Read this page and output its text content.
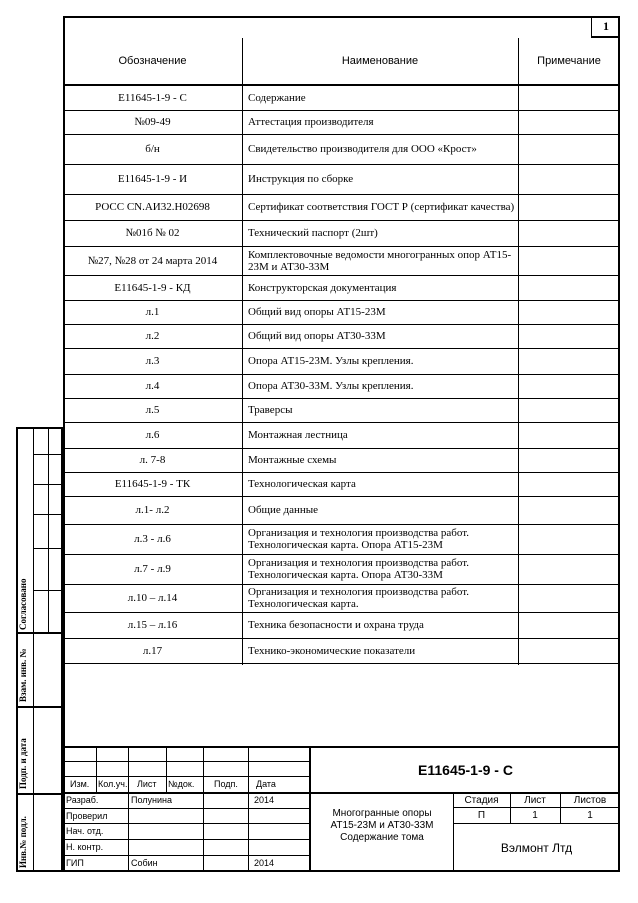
1
Обозначение	Наименование	Примечание
Е11645-1-9 - С	Содержание
№09-49	Аттестация производителя
б/н	Свидетельство производителя для ООО «Крост»
Е11645-1-9 - И	Инструкция по сборке
РОСС CN.АИ32.Н02698	Сертификат соответствия ГОСТ Р (сертификат качества)
№01б № 02	Технический паспорт (2шт)
№27, №28 от 24 марта 2014	Комплектовочные ведомости многогранных опор АТ15-23М и АТ30-33М
Е11645-1-9 - КД	Конструкторская документация
л.1	Общий вид опоры АТ15-23М
л.2	Общий вид опоры АТ30-33М
л.3	Опора АТ15-23М. Узлы крепления.
л.4	Опора АТ30-33М. Узлы крепления.
л.5	Траверсы
л.6	Монтажная лестница
л. 7-8	Монтажные схемы
Е11645-1-9 - ТК	Технологическая карта
л.1- л.2	Общие данные
л.3 - л.6	Организация и технология производства работ. Технологическая карта. Опора АТ15-23М
л.7 - л.9	Организация и технология производства работ. Технологическая карта. Опора АТ30-33М
л.10 – л.14	Организация и технология производства работ. Технологическая карта.
л.15 – л.16	Техника безопасности и охрана труда
л.17	Технико-экономические показатели
Согласовано
Взам. инв. №
Подп. и дата
Инв.№ подл.
Изм. Кол.уч. Лист №док. Подп. Дата
Разраб.	Полунина	2014
Проверил
Нач. отд.
Н. контр.
ГИП	Собин	2014
Е11645-1-9 - С
Многогранные опоры
АТ15-23М и АТ30-33М
Содержание тома
Стадия	Лист	Листов
П	1	1
Вэлмонт Лтд
